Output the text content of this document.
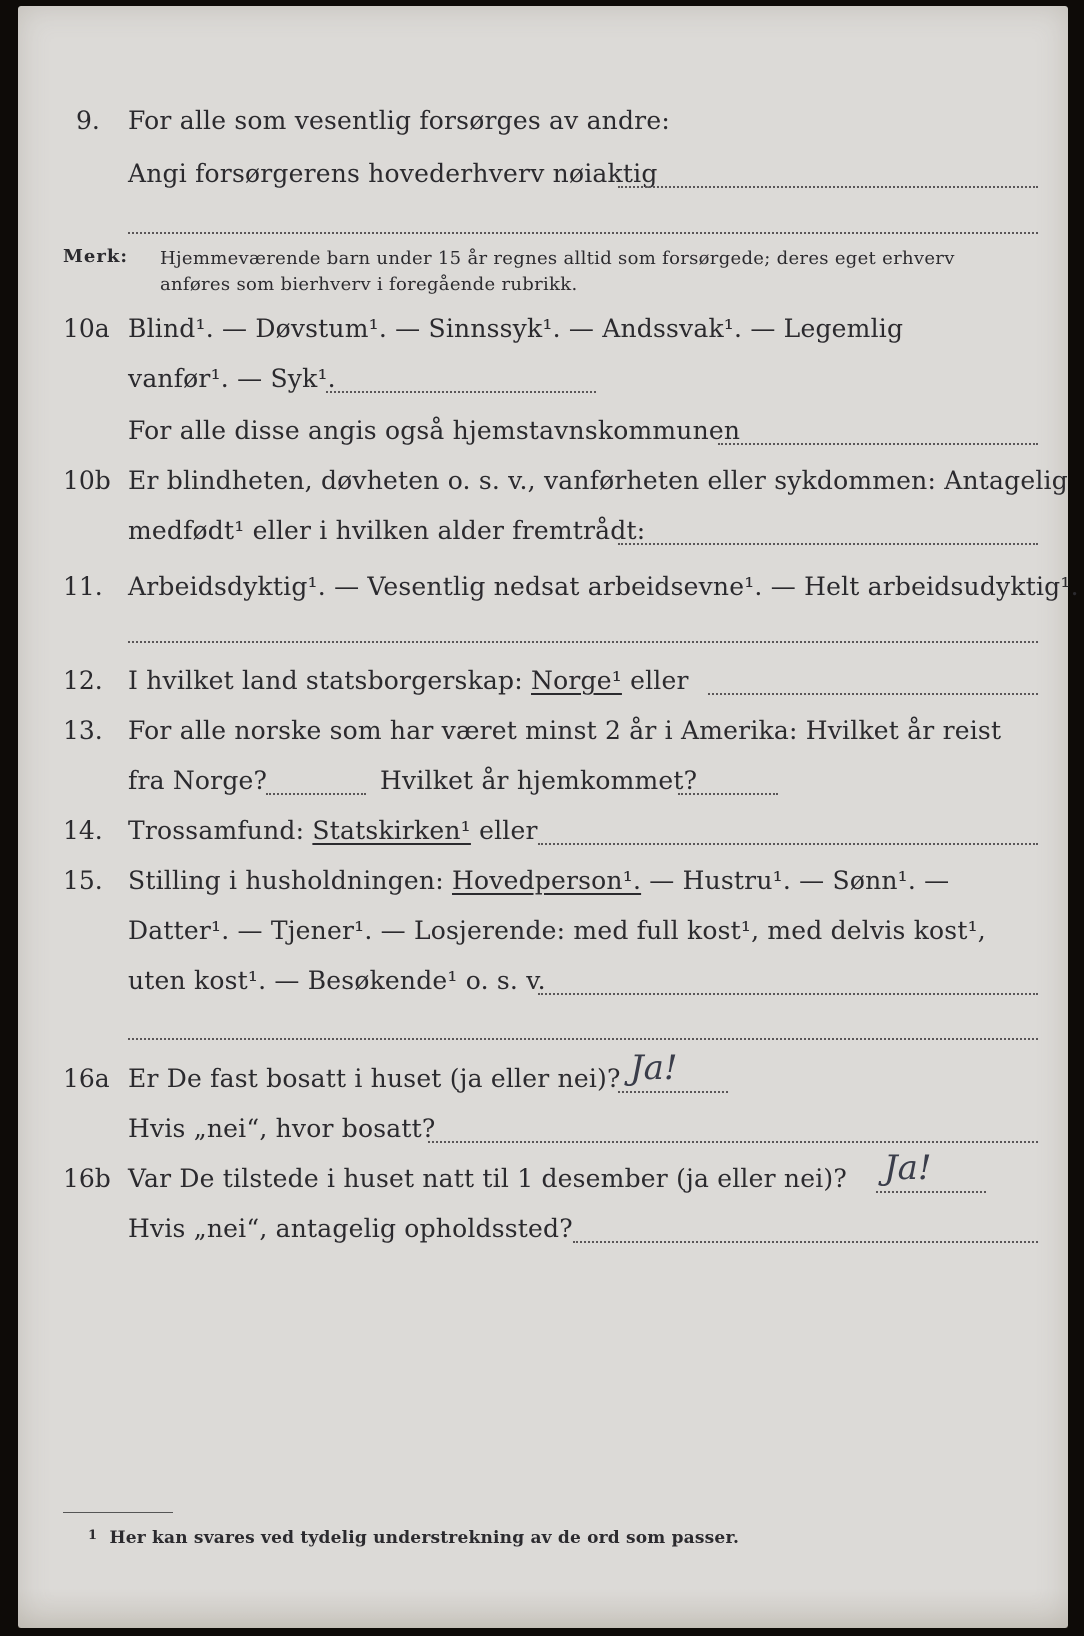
9. For alle som vesentlig forsørges av andre:
Angi forsørgerens hovederhverv nøiaktig
Merk: Hjemmeværende barn under 15 år regnes alltid som forsørgede; deres eget erhverv
anføres som bierhverv i foregående rubrikk.
10a Blind¹. — Døvstum¹. — Sinnssyk¹. — Andssvak¹. — Legemlig
vanfør¹. — Syk¹.
For alle disse angis også hjemstavnskommunen
10b Er blindheten, døvheten o. s. v., vanførheten eller sykdommen: Antagelig
medfødt¹ eller i hvilken alder fremtrådt:
11. Arbeidsdyktig¹. — Vesentlig nedsat arbeidsevne¹. — Helt arbeidsudyktig¹.
12. I hvilket land statsborgerskap: Norge¹ eller
13. For alle norske som har været minst 2 år i Amerika: Hvilket år reist
fra Norge?	Hvilket år hjemkommet?
14. Trossamfund: Statskirken¹ eller
15. Stilling i husholdningen: Hovedperson¹. — Hustru¹. — Sønn¹. —
Datter¹. — Tjener¹. — Losjerende: med full kost¹, med delvis kost¹,
uten kost¹. — Besøkende¹ o. s. v.
16a Er De fast bosatt i huset (ja eller nei)? Ja!
Hvis „nei“, hvor bosatt?
16b Var De tilstede i huset natt til 1 desember (ja eller nei)? Ja!
Hvis „nei“, antagelig opholdssted?
$^1$ Her kan svares ved tydelig understrekning av de ord som passer.
